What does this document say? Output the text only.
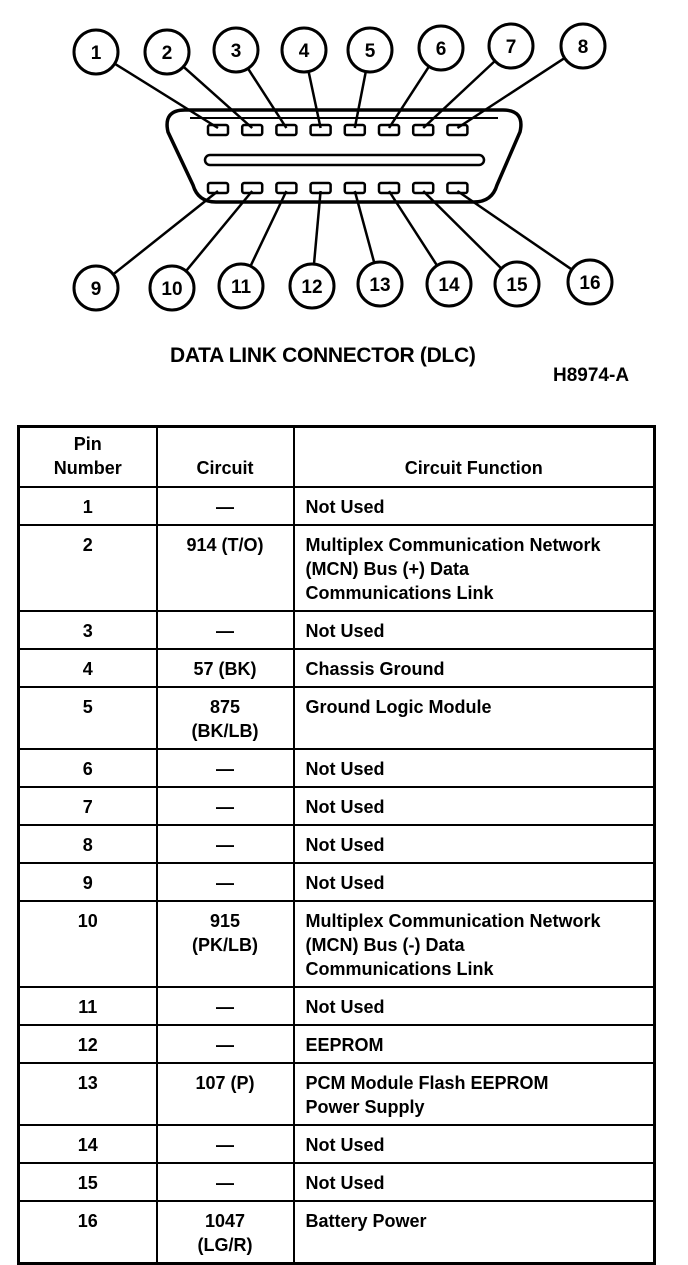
1	2	3	4	5	6	7	8
9	10	11	12 13	14 15	16
DATA LINK CONNECTOR (DLC)
H8974-A
Pin
Number	Circuit	Circuit Function
1	—	Not Used
2	914 (T/O)	Multiplex Communication Network
(MCN) Bus (+) Data
Communications Link
3	—	Not Used
4	57 (BK)	Chassis Ground
5	875
(BK/LB)	Ground Logic Module
6	—	Not Used
7	—	Not Used
8	—	Not Used
9	—	Not Used
10	915
(PK/LB)	Multiplex Communication Network
(MCN) Bus (-) Data
Communications Link
11	—	Not Used
12	—	EEPROM
13	107 (P)	PCM Module Flash EEPROM
Power Supply
14	—	Not Used
15	—	Not Used
16	1047
(LG/R)	Battery Power
